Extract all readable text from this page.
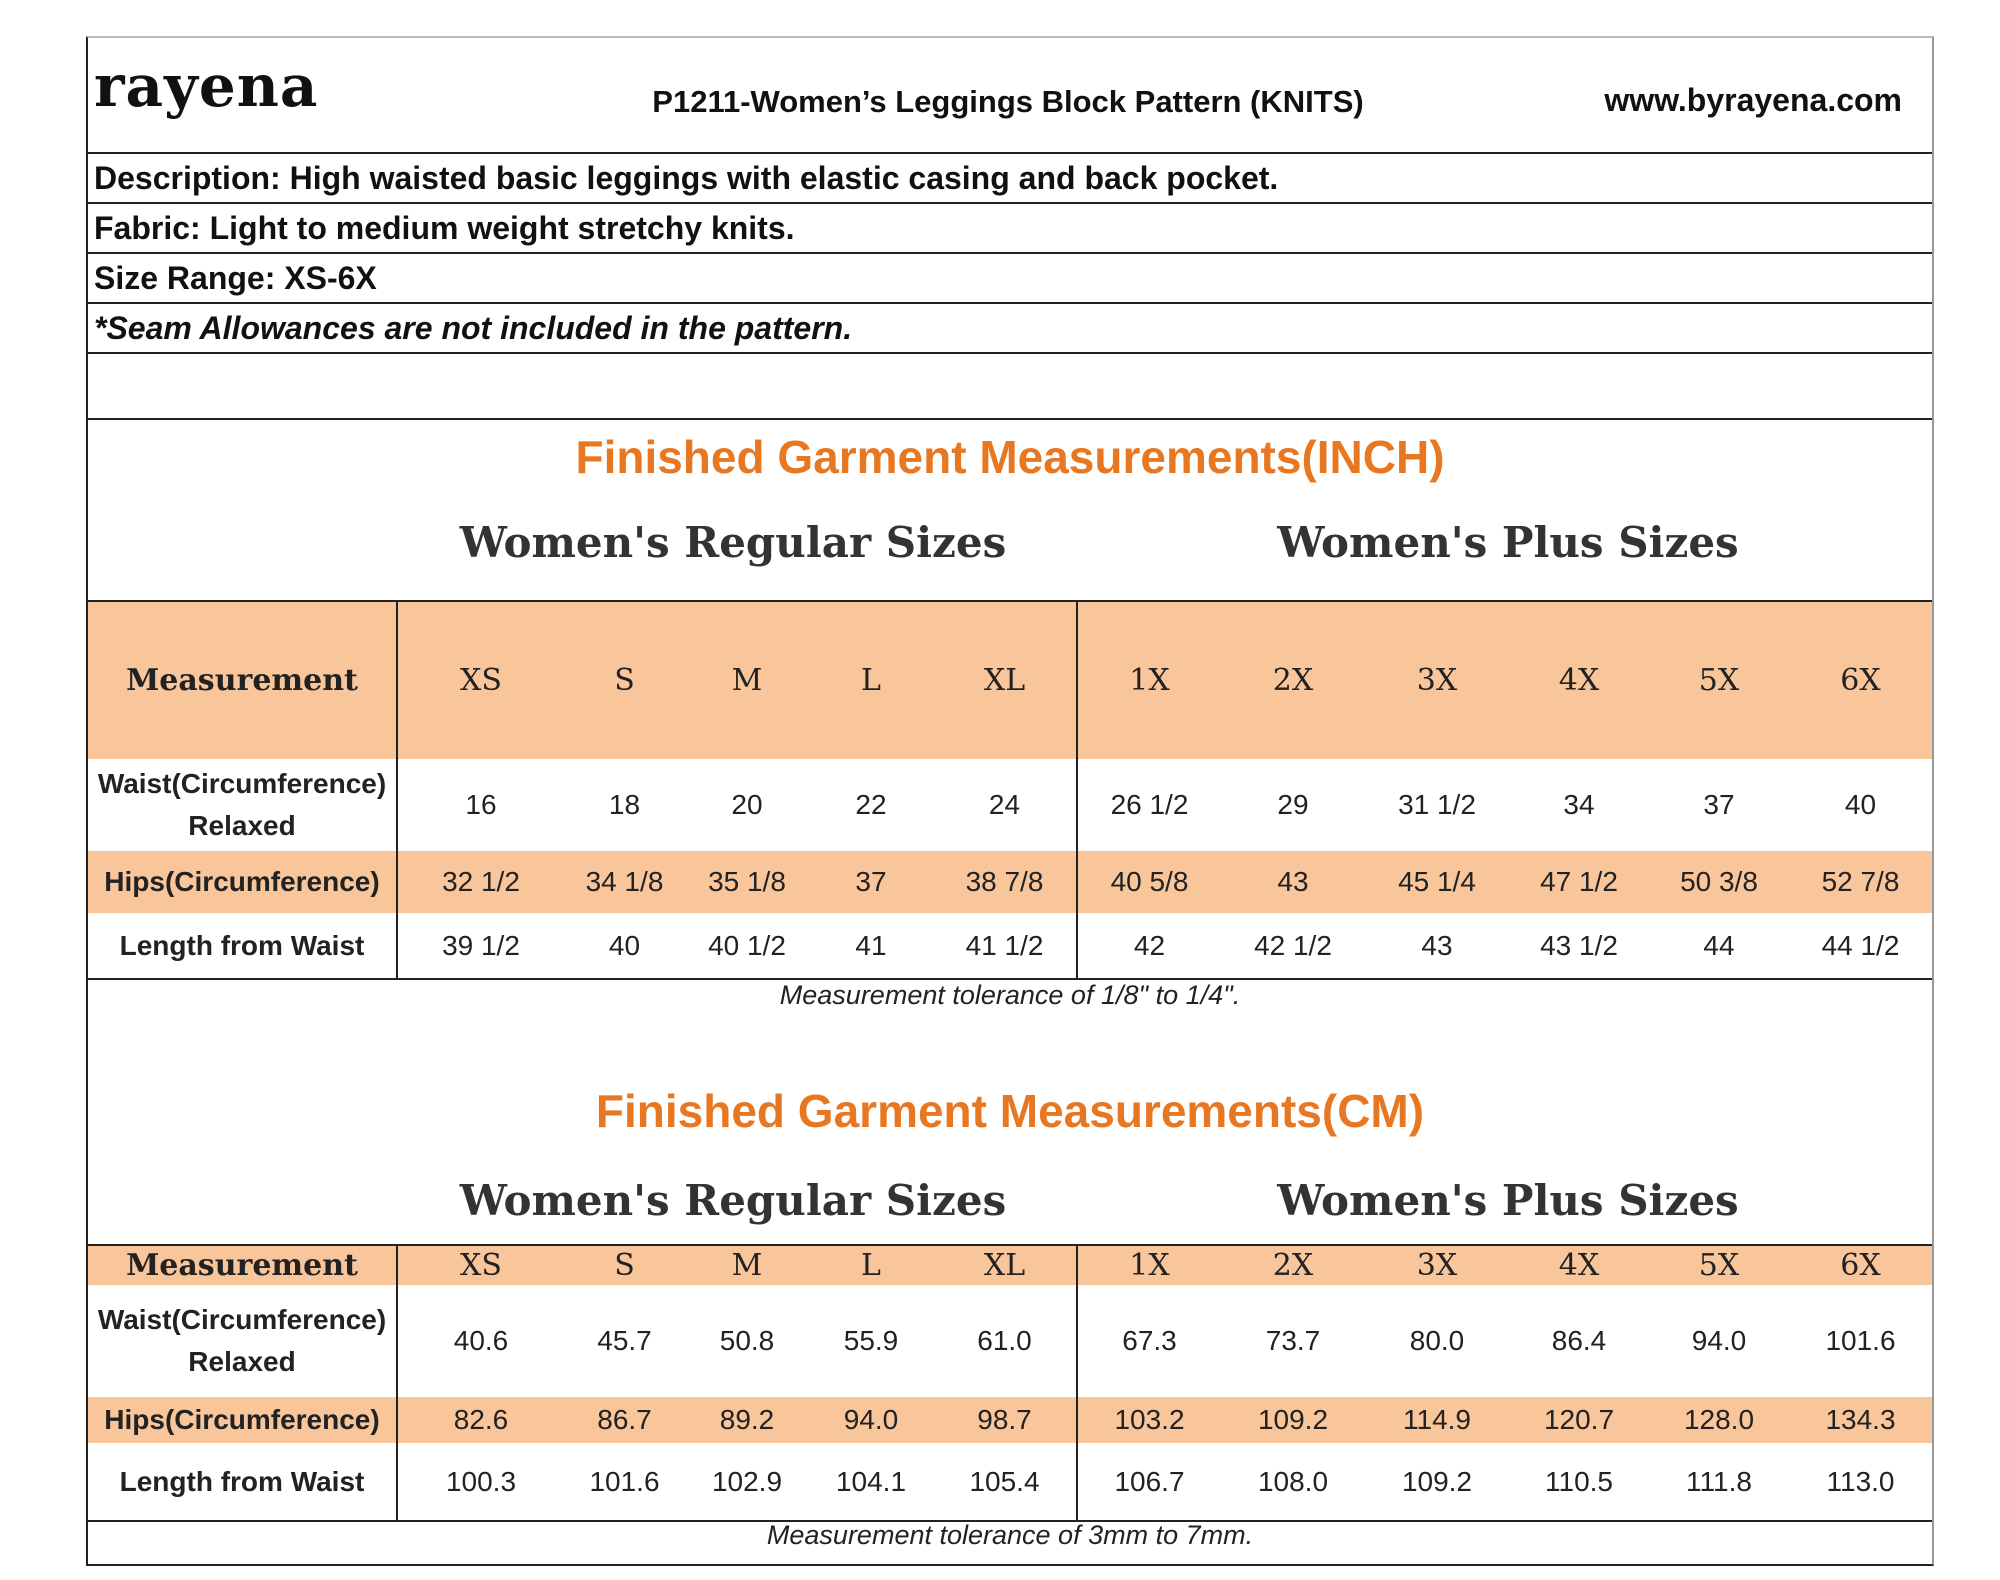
rayena	P1211-Women’s Leggings Block Pattern (KNITS)	www.byrayena.com
Description: High waisted basic leggings with elastic casing and back pocket.
Fabric: Light to medium weight stretchy knits.
Size Range: XS-6X
*Seam Allowances are not included in the pattern.
Finished Garment Measurements(INCH)
Women's Regular Sizes	Women's Plus Sizes
Measurement	XS	S	M	L	XL	1X	2X	3X	4X	5X	6X
Waist(Circumference)
Relaxed	16	18	20	22	24	26 1/2	29	31 1/2	34	37	40
Hips(Circumference)	32 1/2	34 1/8	35 1/8	37	38 7/8	40 5/8	43	45 1/4	47 1/2	50 3/8	52 7/8
Length from Waist	39 1/2	40	40 1/2	41	41 1/2	42	42 1/2	43	43 1/2	44	44 1/2
Measurement tolerance of 1/8" to 1/4".
Finished Garment Measurements(CM)
Women's Regular Sizes	Women's Plus Sizes
Measurement	XS	S	M	L	XL	1X	2X	3X	4X	5X	6X
Waist(Circumference)
Relaxed	40.6	45.7	50.8	55.9	61.0	67.3	73.7	80.0	86.4	94.0	101.6
Hips(Circumference)	82.6	86.7	89.2	94.0	98.7	103.2	109.2	114.9	120.7	128.0	134.3
Length from Waist	100.3	101.6	102.9	104.1	105.4	106.7	108.0	109.2	110.5	111.8	113.0
Measurement tolerance of 3mm to 7mm.
